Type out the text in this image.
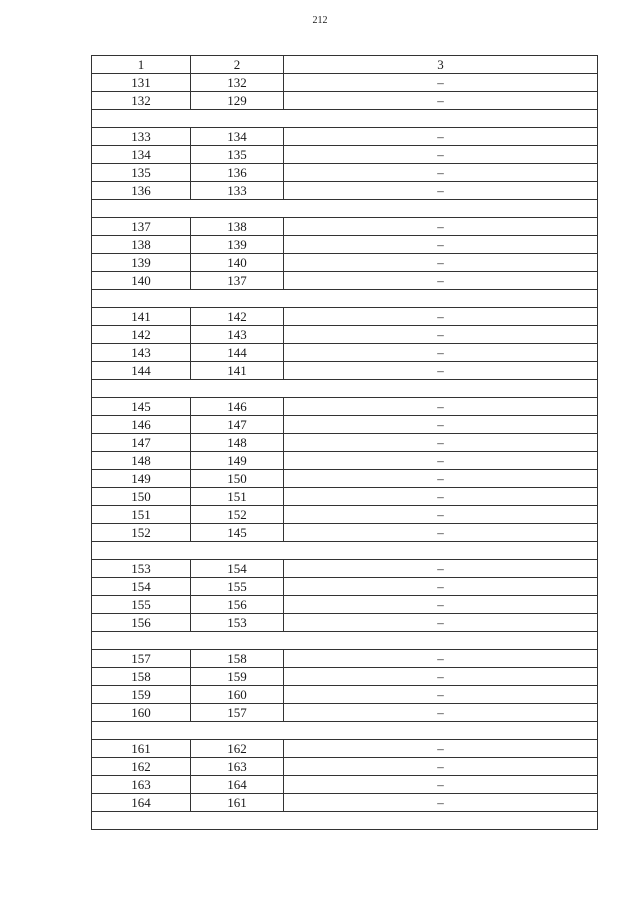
212
1	2	3
131	132	–
132	129	–

133	134	–
134	135	–
135	136	–
136	133	–

137	138	–
138	139	–
139	140	–
140	137	–

141	142	–
142	143	–
143	144	–
144	141	–

145	146	–
146	147	–
147	148	–
148	149	–
149	150	–
150	151	–
151	152	–
152	145	–

153	154	–
154	155	–
155	156	–
156	153	–

157	158	–
158	159	–
159	160	–
160	157	–

161	162	–
162	163	–
163	164	–
164	161	–
